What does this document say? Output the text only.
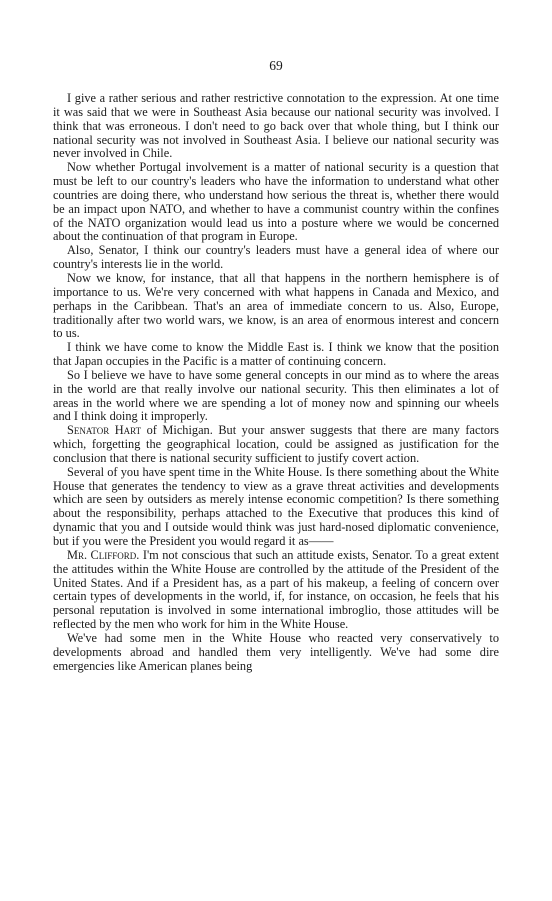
69

I give a rather serious and rather restrictive connotation to the expression. At one time it was said that we were in Southeast Asia because our national security was involved. I think that was erroneous. I don't need to go back over that whole thing, but I think our national security was not involved in Southeast Asia. I believe our national security was never involved in Chile.

Now whether Portugal involvement is a matter of national security is a question that must be left to our country's leaders who have the information to understand what other countries are doing there, who understand how serious the threat is, whether there would be an impact upon NATO, and whether to have a communist country within the confines of the NATO organization would lead us into a posture where we would be concerned about the continuation of that program in Europe.

Also, Senator, I think our country's leaders must have a general idea of where our country's interests lie in the world.

Now we know, for instance, that all that happens in the northern hemisphere is of importance to us. We're very concerned with what happens in Canada and Mexico, and perhaps in the Caribbean. That's an area of immediate concern to us. Also, Europe, traditionally after two world wars, we know, is an area of enormous interest and concern to us.

I think we have come to know the Middle East is. I think we know that the position that Japan occupies in the Pacific is a matter of continuing concern.

So I believe we have to have some general concepts in our mind as to where the areas in the world are that really involve our national security. This then eliminates a lot of areas in the world where we are spending a lot of money now and spinning our wheels and I think doing it improperly.

Senator Hart of Michigan. But your answer suggests that there are many factors which, forgetting the geographical location, could be assigned as justification for the conclusion that there is national security sufficient to justify covert action.

Several of you have spent time in the White House. Is there something about the White House that generates the tendency to view as a grave threat activities and developments which are seen by outsiders as merely intense economic competition? Is there something about the responsibility, perhaps attached to the Executive that produces this kind of dynamic that you and I outside would think was just hard-nosed diplomatic convenience, but if you were the President you would regard it as——

Mr. Clifford. I'm not conscious that such an attitude exists, Senator. To a great extent the attitudes within the White House are controlled by the attitude of the President of the United States. And if a President has, as a part of his makeup, a feeling of concern over certain types of developments in the world, if, for instance, on occasion, he feels that his personal reputation is involved in some international imbroglio, those attitudes will be reflected by the men who work for him in the White House.

We've had some men in the White House who reacted very conservatively to developments abroad and handled them very intelligently. We've had some dire emergencies like American planes being
